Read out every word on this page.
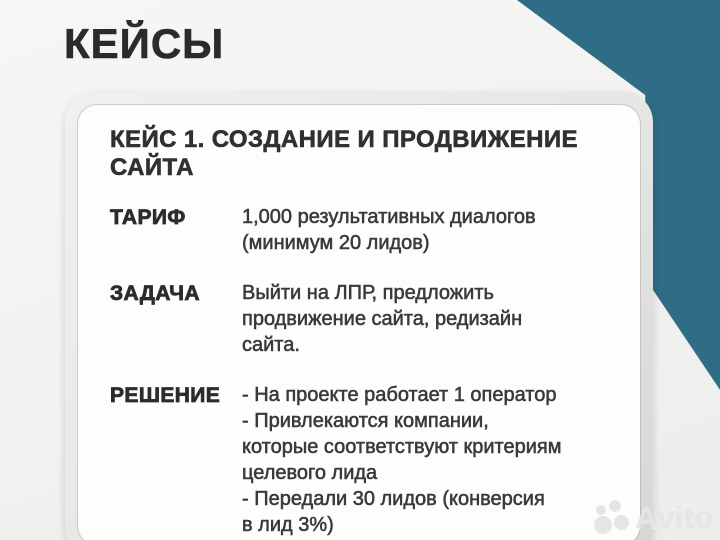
КЕЙСЫ
КЕЙС 1. СОЗДАНИЕ И ПРОДВИЖЕНИЕ
САЙТА
ТАРИФ	1,000 результативных диалогов
(минимум 20 лидов)
ЗАДАЧА	Выйти на ЛПР, предложить
продвижение сайта, редизайн
сайта.
РЕШЕНИЕ	- На проекте работает 1 оператор
- Привлекаются компании,
которые соответствуют критериям
целевого лида
- Передали 30 лидов (конверсия
в лид 3%)	Avito
